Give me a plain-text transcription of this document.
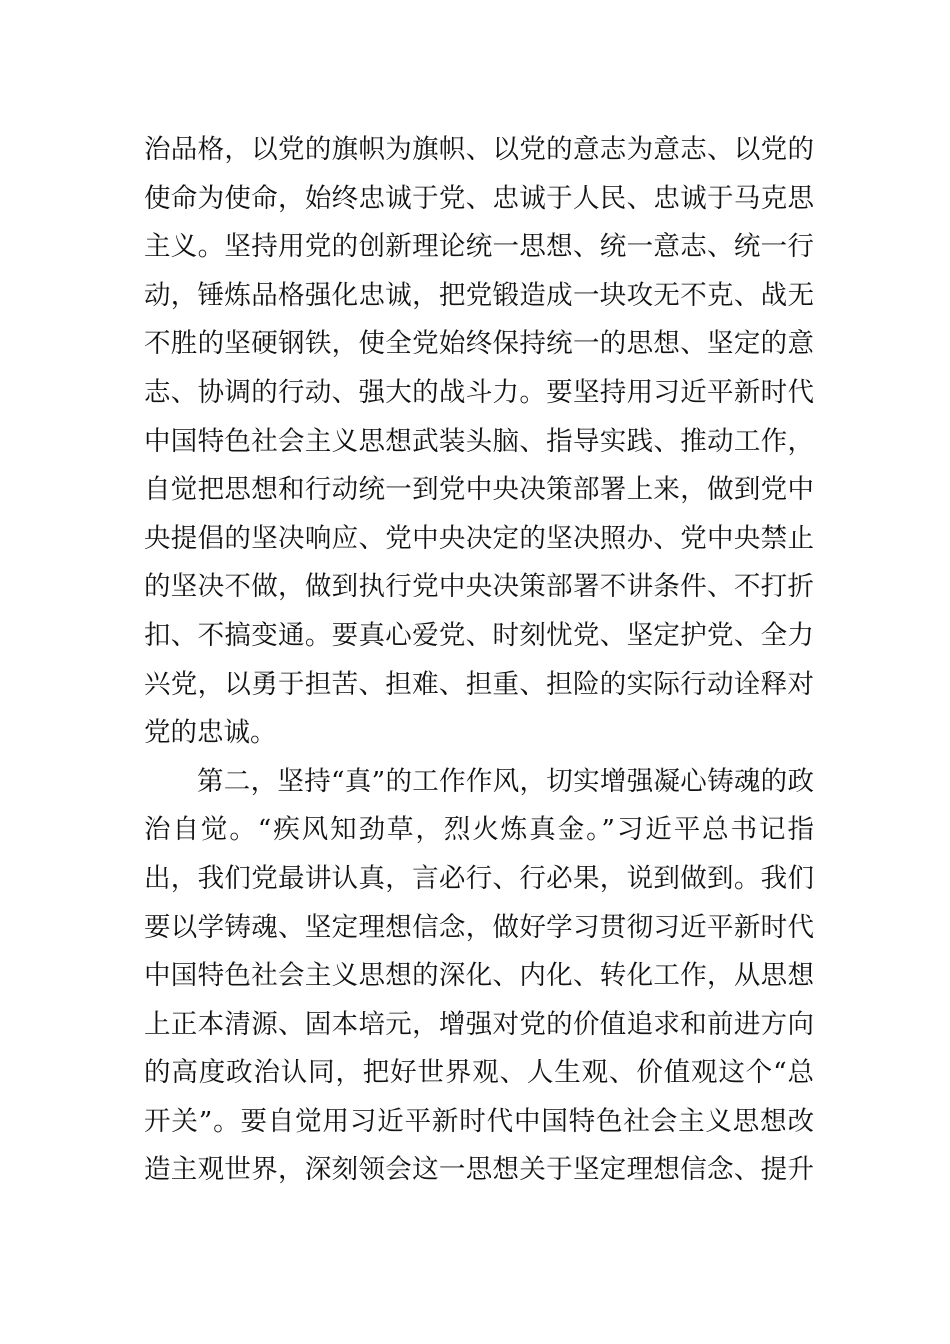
治品格，以党的旗帜为旗帜、以党的意志为意志、以党的
使命为使命，始终忠诚于党、忠诚于人民、忠诚于马克思
主义。坚持用党的创新理论统一思想、统一意志、统一行
动，锤炼品格强化忠诚，把党锻造成一块攻无不克、战无
不胜的坚硬钢铁，使全党始终保持统一的思想、坚定的意
志、协调的行动、强大的战斗力。要坚持用习近平新时代
中国特色社会主义思想武装头脑、指导实践、推动工作，
自觉把思想和行动统一到党中央决策部署上来，做到党中
央提倡的坚决响应、党中央决定的坚决照办、党中央禁止
的坚决不做，做到执行党中央决策部署不讲条件、不打折
扣、不搞变通。要真心爱党、时刻忧党、坚定护党、全力
兴党，以勇于担苦、担难、担重、担险的实际行动诠释对
党的忠诚。
第二，坚持“真”的工作作风，切实增强凝心铸魂的政
治自觉。“疾风知劲草，烈火炼真金。”习近平总书记指
出，我们党最讲认真，言必行、行必果，说到做到。我们
要以学铸魂、坚定理想信念，做好学习贯彻习近平新时代
中国特色社会主义思想的深化、内化、转化工作，从思想
上正本清源、固本培元，增强对党的价值追求和前进方向
的高度政治认同，把好世界观、人生观、价值观这个“总
开关”。要自觉用习近平新时代中国特色社会主义思想改
造主观世界，深刻领会这一思想关于坚定理想信念、提升
